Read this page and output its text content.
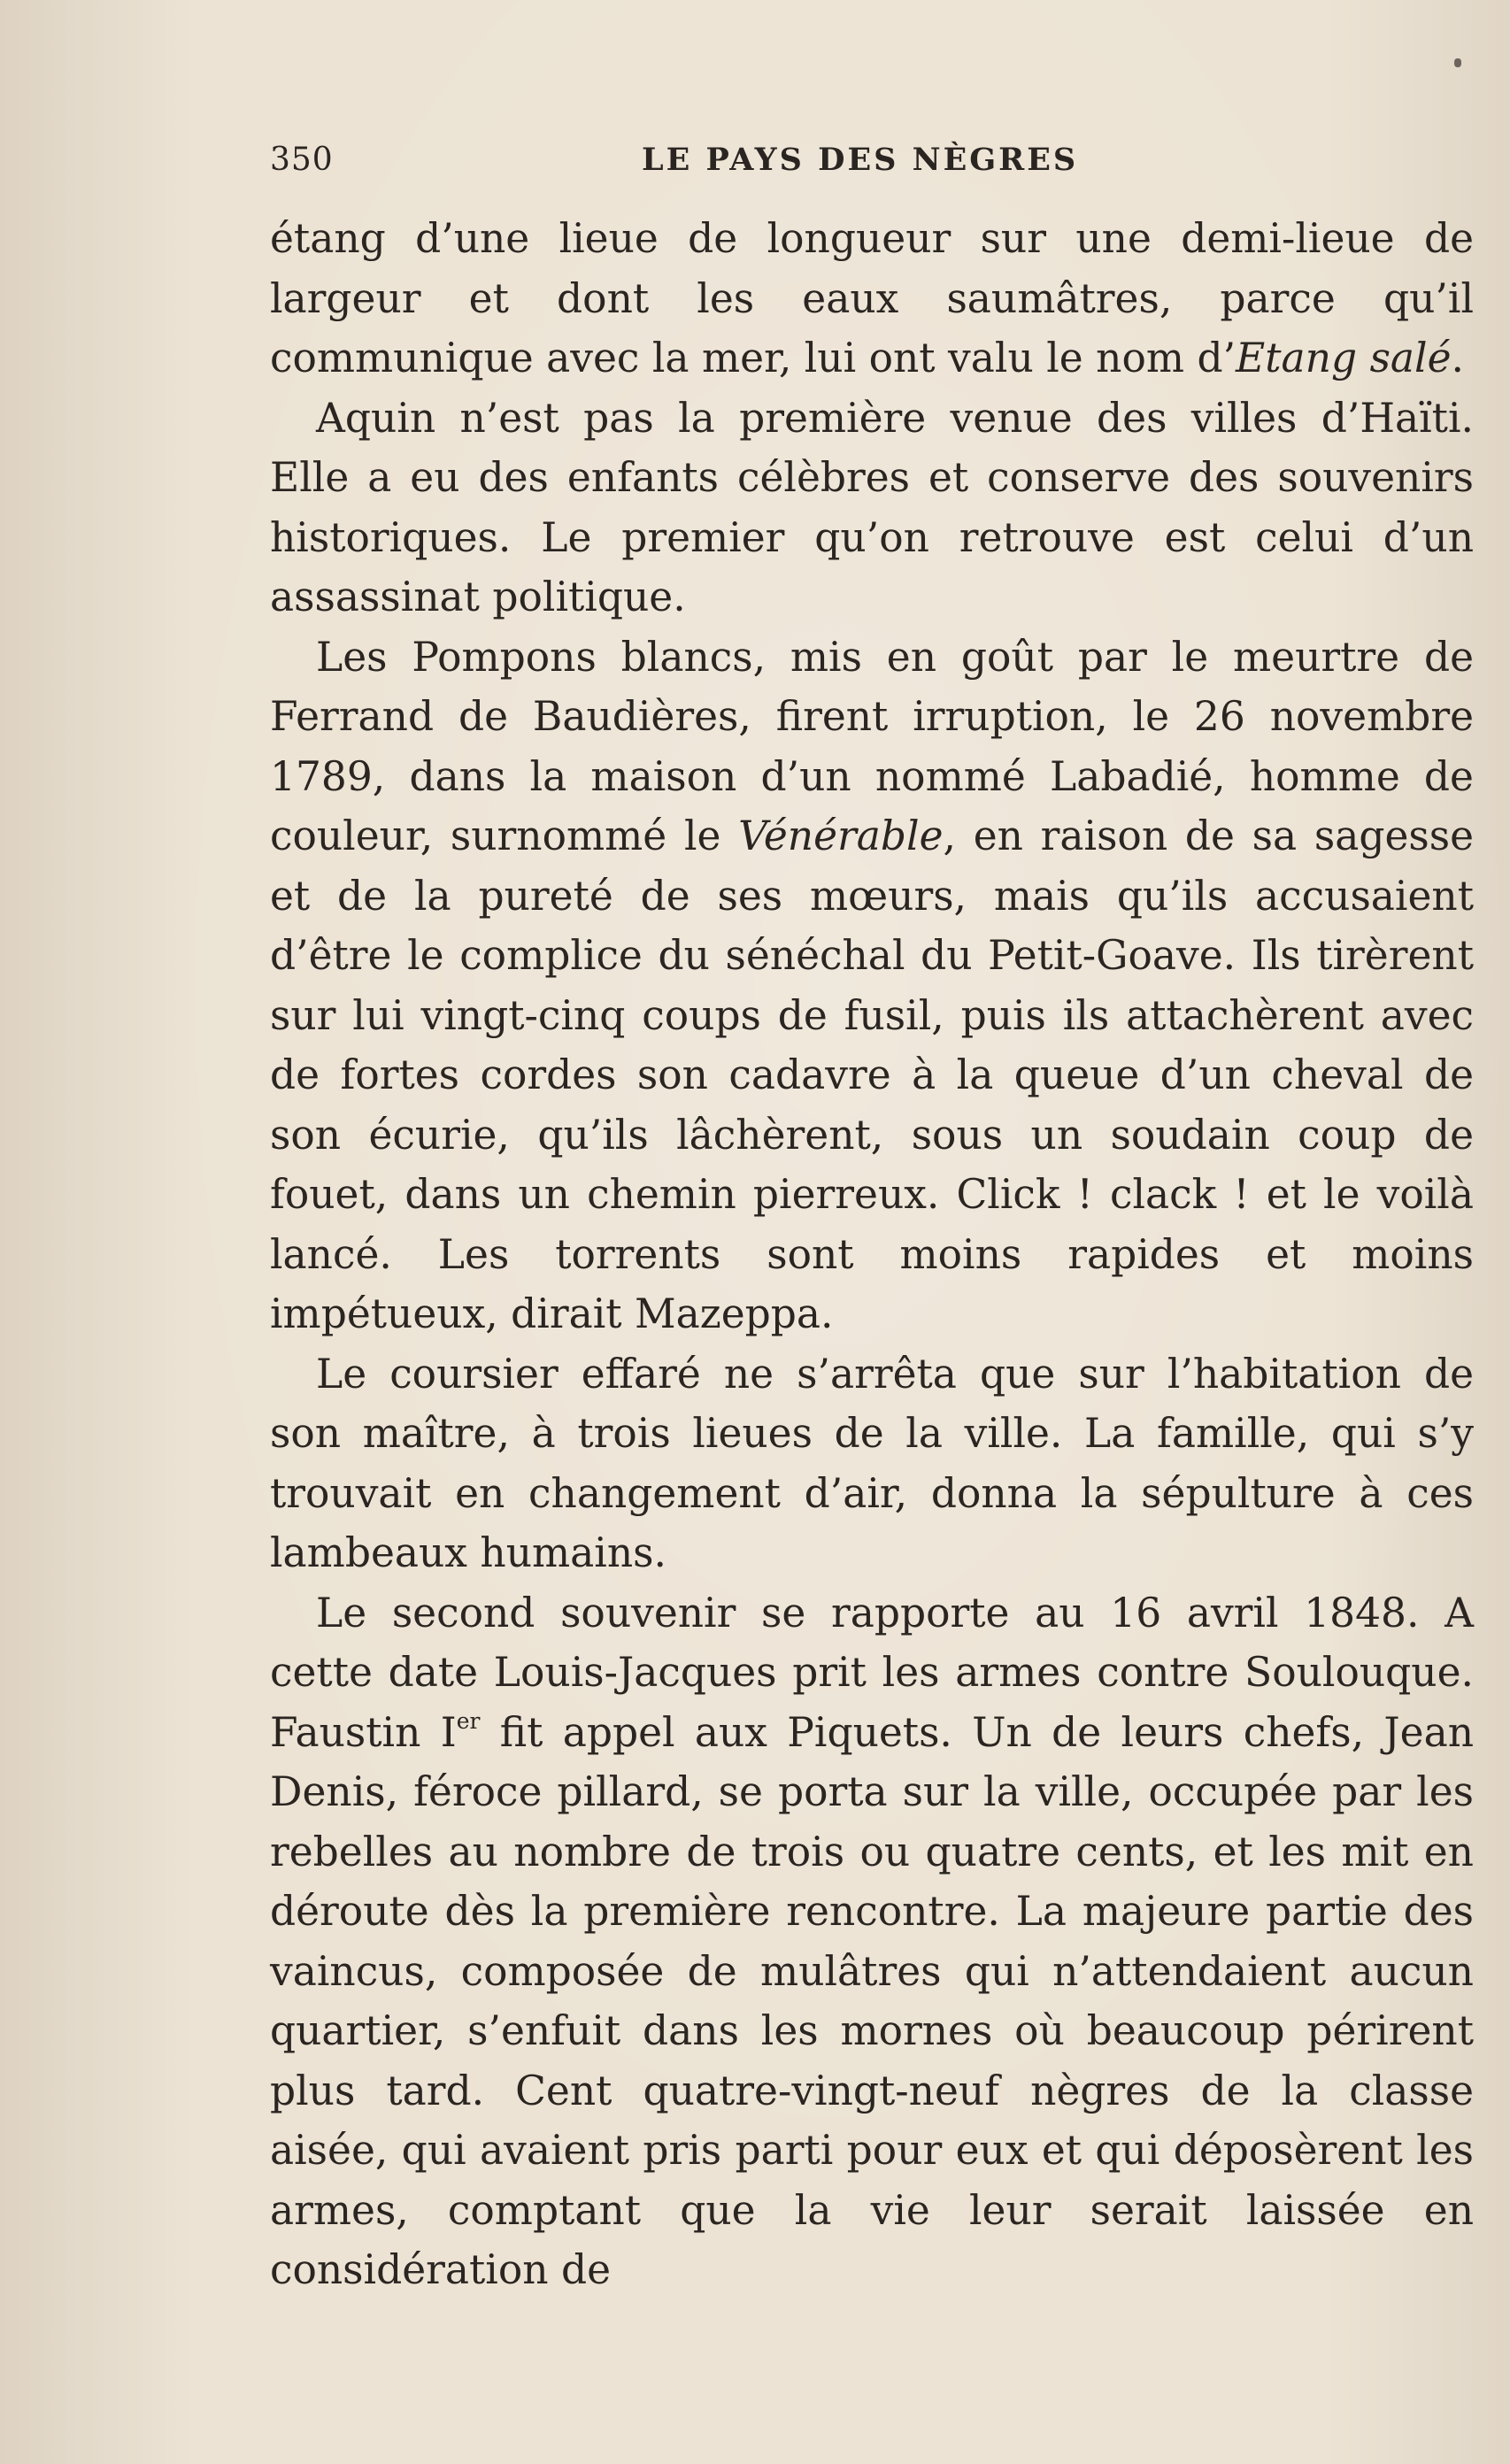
350	LE PAYS DES NÈGRES

étang d’une lieue de longueur sur une demi-lieue de largeur et dont les eaux saumâtres, parce qu’il communique avec la mer, lui ont valu le nom d’Etang salé.

Aquin n’est pas la première venue des villes d’Haïti. Elle a eu des enfants célèbres et conserve des souvenirs historiques. Le premier qu’on retrouve est celui d’un assassinat politique.

Les Pompons blancs, mis en goût par le meurtre de Ferrand de Baudières, firent irruption, le 26 novembre 1789, dans la maison d’un nommé Labadié, homme de couleur, surnommé le Vénérable, en raison de sa sagesse et de la pureté de ses mœurs, mais qu’ils accusaient d’être le complice du sénéchal du Petit-Goave. Ils tirèrent sur lui vingt-cinq coups de fusil, puis ils attachèrent avec de fortes cordes son cadavre à la queue d’un cheval de son écurie, qu’ils lâchèrent, sous un soudain coup de fouet, dans un chemin pierreux. Click ! clack ! et le voilà lancé. Les torrents sont moins rapides et moins impétueux, dirait Mazeppa.

Le coursier effaré ne s’arrêta que sur l’habitation de son maître, à trois lieues de la ville. La famille, qui s’y trouvait en changement d’air, donna la sépulture à ces lambeaux humains.

Le second souvenir se rapporte au 16 avril 1848. A cette date Louis-Jacques prit les armes contre Soulouque. Faustin Ier fit appel aux Piquets. Un de leurs chefs, Jean Denis, féroce pillard, se porta sur la ville, occupée par les rebelles au nombre de trois ou quatre cents, et les mit en déroute dès la première rencontre. La majeure partie des vaincus, composée de mulâtres qui n’attendaient aucun quartier, s’enfuit dans les mornes où beaucoup périrent plus tard. Cent quatre-vingt-neuf nègres de la classe aisée, qui avaient pris parti pour eux et qui déposèrent les armes, comptant que la vie leur serait laissée en considération de
